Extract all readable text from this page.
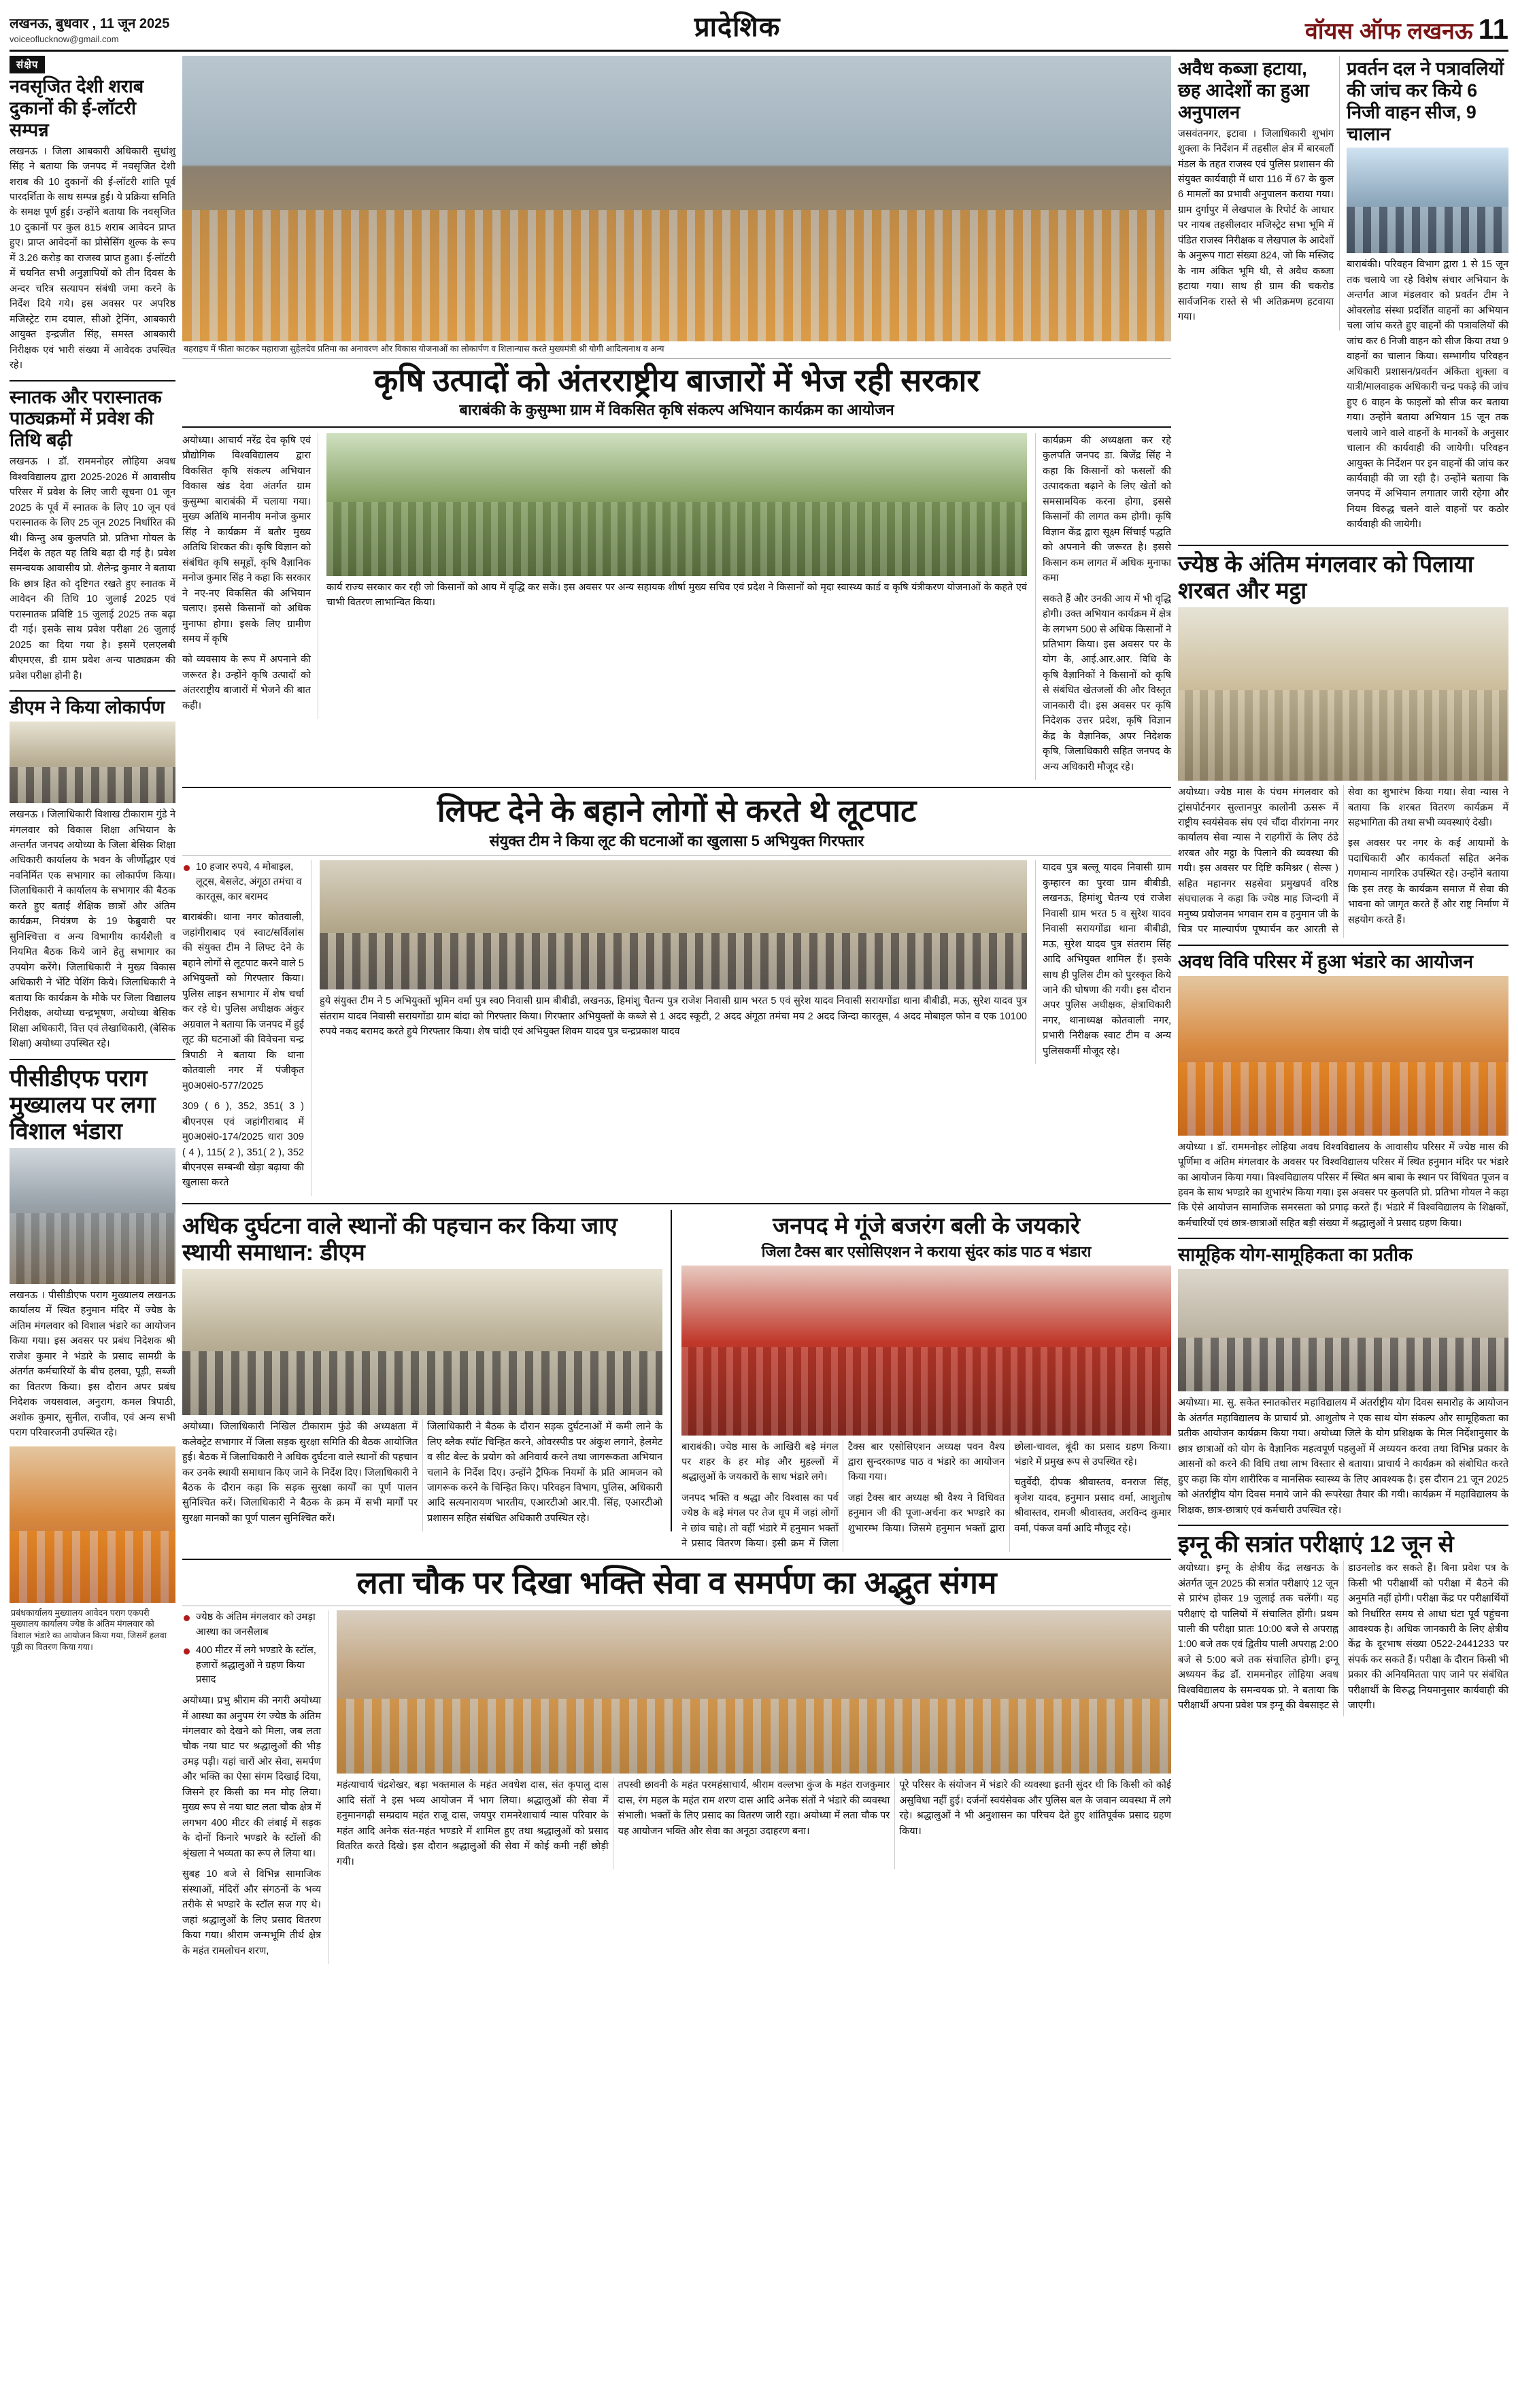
लखनऊ, बुधवार , 11 जून 2025
voiceoflucknow@gmail.com	प्रादेशिक	वॉयस ऑफ लखनऊ 11
संक्षेप
नवसृजित देशी शराब दुकानों की ई-लॉटरी सम्पन्न

लखनऊ । जिला आबकारी अधिकारी सुधांशु सिंह ने बताया कि जनपद में नवसृजित देशी शराब की 10 दुकानों की ई-लॉटरी शांति पूर्व पारदर्शिता के साथ सम्पन्न हुई। ये प्रक्रिया समिति के समक्ष पूर्ण हुई। उन्होंने बताया कि नवसृजित 10 दुकानों पर कुल 815 शराब आवेदन प्राप्त हुए। प्राप्त आवेदनों का प्रोसेसिंग शुल्क के रूप में 3.26 करोड़ का राजस्व प्राप्त हुआ। ई-लॉटरी में चयनित सभी अनुज्ञापियों को तीन दिवस के अन्दर चरित्र सत्यापन संबंधी जमा करने के निर्देश दिये गये। इस अवसर पर अपरिष्ठ मजिस्ट्रेट राम दयाल, सीओ ट्रेनिंग, आबकारी आयुक्त इन्द्रजीत सिंह, समस्त आबकारी निरीक्षक एवं भारी संख्या में आवेदक उपस्थित रहे।

स्नातक और परास्नातक पाठ्यक्रमों में प्रवेश की तिथि बढ़ी

लखनऊ । डॉ. राममनोहर लोहिया अवध विश्वविद्यालय द्वारा 2025-2026 में आवासीय परिसर में प्रवेश के लिए जारी सूचना 01 जून 2025 के पूर्व में स्नातक के लिए 10 जून एवं परास्नातक के लिए 25 जून 2025 निर्धारित की थी। किन्तु अब कुलपति प्रो. प्रतिभा गोयल के निर्देश के तहत यह तिथि बढ़ा दी गई है। प्रवेश समन्वयक आवासीय प्रो. शैलेन्द्र कुमार ने बताया कि छात्र हित को दृष्टिगत रखते हुए स्नातक में आवेदन की तिथि 10 जुलाई 2025 एवं परास्नातक प्रविष्टि 15 जुलाई 2025 तक बढ़ा दी गई। इसके साथ प्रवेश परीक्षा 26 जुलाई 2025 का दिया गया है। इसमें एलएलबी बीएमएस, डी ग्राम प्रवेश अन्य पाठ्यक्रम की प्रवेश परीक्षा होनी है।

डीएम ने किया लोकार्पण

लखनऊ । जिलाधिकारी विशाख टीकाराम गुंडे ने मंगलवार को विकास शिक्षा अभियान के अन्तर्गत जनपद अयोध्या के जिला बेसिक शिक्षा अधिकारी कार्यालय के भवन के जीर्णोद्धार एवं नवनिर्मित एक सभागार का लोकार्पण किया। जिलाधिकारी ने कार्यालय के सभागार की बैठक करते हुए बताई शैक्षिक छात्रों और अंतिम कार्यक्रम, नियंत्रण के 19 फेब्रुवारी पर सुनिश्चित्ता व अन्य विभागीय कार्यशैली व नियमित बैठक किये जाने हेतु सभागार का उपयोग करेंगे। जिलाधिकारी ने मुख्य विकास अधिकारी ने भेंटि पेशिंग किये। जिलाधिकारी ने बताया कि कार्यक्रम के मौके पर जिला विद्यालय निरीक्षक, अयोध्या चन्द्रभूषण, अयोध्या बेसिक शिक्षा अधिकारी, वित्त एवं लेखाधिकारी, (बेसिक शिक्षा) अयोध्या उपस्थित रहे।

पीसीडीएफ पराग मुख्यालय पर लगा विशाल भंडारा

लखनऊ । पीसीडीएफ पराग मुख्यालय लखनऊ कार्यालय में स्थित हनुमान मंदिर में ज्येष्ठ के अंतिम मंगलवार को विशाल भंडारे का आयोजन किया गया। इस अवसर पर प्रबंध निदेशक श्री राजेश कुमार ने भंडारे के प्रसाद सामग्री के अंतर्गत कर्मचारियों के बीच हलवा, पूड़ी, सब्जी का वितरण किया। इस दौरान अपर प्रबंध निदेशक जयसवाल, अनुराग, कमल त्रिपाठी, अशोक कुमार, सुनील, राजीव, एवं अन्य सभी पराग परिवारजनी उपस्थित रहे।

प्रबंधकार्यालय मुख्यालय आवेदन पराग एकपरी मुख्यालय कार्यालय ज्येष्ठ के अंतिम मंगलवार को विशाल भंडारे का आयोजन किया गया, जिसमें हलवा पूड़ी का वितरण किया गया।
बहराइच में फीता काटकर महाराजा सुहेलदेव प्रतिमा का अनावरण और विकास योजनाओं का लोकार्पण व शिलान्यास करते मुख्यमंत्री श्री योगी आदित्यनाथ व अन्य
कृषि उत्पादों को अंतरराष्ट्रीय बाजारों में भेज रही सरकार
बाराबंकी के कुसुम्भा ग्राम में विकसित कृषि संकल्प अभियान कार्यक्रम का आयोजन

अयोध्या। आचार्य नरेंद्र देव कृषि एवं प्रौद्योगिक विश्वविद्यालय द्वारा विकसित कृषि संकल्प अभियान विकास खंड देवा अंतर्गत ग्राम कुसुम्भा बाराबंकी में चलाया गया। मुख्य अतिथि माननीय मनोज कुमार सिंह ने कार्यक्रम में बतौर मुख्य अतिथि शिरकत की। कृषि विज्ञान को संबंधित कृषि समूहों, कृषि वैज्ञानिक मनोज कुमार सिंह ने कहा कि सरकार ने नए-नए विकसित की अभियान चलाए। इससे किसानों को अधिक मुनाफा होगा। इसके लिए ग्रामीण समय में कृषि

को व्यवसाय के रूप में अपनाने की जरूरत है। उन्होंने कृषि उत्पादों को अंतरराष्ट्रीय बाजारों में भेजने की बात कही।

कार्य राज्य सरकार कर रही जो किसानों को आय में वृद्धि कर सकें। इस अवसर पर अन्य सहायक शीर्षा मुख्य सचिव एवं प्रदेश ने किसानों को मृदा स्वास्थ्य कार्ड व कृषि यंत्रीकरण योजनाओं के कहते एवं चाभी वितरण लाभान्वित किया।

कार्यक्रम की अध्यक्षता कर रहे कुलपति जनपद डा. बिजेंद्र सिंह ने कहा कि किसानों को फसलों की उत्पादकता बढ़ाने के लिए खेतों को समसामयिक करना होगा, इससे किसानों की लागत कम होगी। कृषि विज्ञान केंद्र द्वारा सूक्ष्म सिंचाई पद्धति को अपनाने की जरूरत है। इससे किसान कम लागत में अधिक मुनाफा कमा

सकते हैं और उनकी आय में भी वृद्धि होगी। उक्त अभियान कार्यक्रम में क्षेत्र के लगभग 500 से अधिक किसानों ने प्रतिभाग किया। इस अवसर पर के योग के, आई.आर.आर. विधि के कृषि वैज्ञानिकों ने किसानों को कृषि से संबंधित खेतजलों की और विस्तृत जानकारी दी। इस अवसर पर कृषि निदेशक उत्तर प्रदेश, कृषि विज्ञान केंद्र के वैज्ञानिक, अपर निदेशक कृषि, जिलाधिकारी सहित जनपद के अन्य अधिकारी मौजूद रहे।

लिफ्ट देने के बहाने लोगों से करते थे लूटपाट
संयुक्त टीम ने किया लूट की घटनाओं का खुलासा 5 अभियुक्त गिरफ्तार
10 हजार रुपये, 4 मोबाइल, लूट्स, बेसलेट, अंगूठा तमंचा व कारतूस, कार बरामद

बाराबंकी। थाना नगर कोतवाली, जहांगीराबाद एवं स्वाट/सर्विलांस की संयुक्त टीम ने लिफ्ट देने के बहाने लोगों से लूटपाट करने वाले 5 अभियुक्तों को गिरफ्तार किया। पुलिस लाइन सभागार में शेष चर्चा कर रहे थे। पुलिस अधीक्षक अंकुर अग्रवाल ने बताया कि जनपद में हुई लूट की घटनाओं की विवेचना चन्द्र त्रिपाठी ने बताया कि थाना कोतवाली नगर में पंजीकृत मु0अ0सं0-577/2025

309 ( 6 ), 352, 351( 3 ) बीएनएस एवं जहांगीराबाद में मु0अ0सं0-174/2025 धारा 309 ( 4 ), 115( 2 ), 351( 2 ), 352 बीएनएस सम्बन्धी खेड़ा बढ़ाया की खुलासा करते

हुये संयुक्त टीम ने 5 अभियुक्तों भूमिन वर्मा पुत्र स्व0 निवासी ग्राम बीबीडी, लखनऊ, हिमांशु चैतन्य पुत्र राजेश निवासी ग्राम भरत 5 एवं सुरेश यादव निवासी सरायगोंडा थाना बीबीडी, मऊ, सुरेश यादव पुत्र संतराम यादव निवासी सरायगोंडा ग्राम बांदा को गिरफ्तार किया। गिरफ्तार अभियुक्तों के कब्जे से 1 अदद स्कूटी, 2 अदद अंगूठा तमंचा मय 2 अदद जिन्दा कारतूस, 4 अदद मोबाइल फोन व एक 10100 रुपये नकद बरामद करते हुये गिरफ्तार किया। शेष चांदी एवं अभियुक्त शिवम यादव पुत्र चन्द्रप्रकाश यादव

यादव पुत्र बल्लू यादव निवासी ग्राम कुम्हारन का पुरवा ग्राम बीबीडी, लखनऊ, हिमांशु चैतन्य एवं राजेश निवासी ग्राम भरत 5 व सुरेश यादव निवासी सरायगोंडा थाना बीबीडी, मऊ, सुरेश यादव पुत्र संतराम सिंह आदि अभियुक्त शामिल हैं। इसके साथ ही पुलिस टीम को पुरस्कृत किये जाने की घोषणा की गयी। इस दौरान अपर पुलिस अधीक्षक, क्षेत्राधिकारी नगर, थानाध्यक्ष कोतवाली नगर, प्रभारी निरीक्षक स्वाट टीम व अन्य पुलिसकर्मी मौजूद रहे।

अधिक दुर्घटना वाले स्थानों की पहचान कर किया जाए स्थायी समाधान: डीएम

अयोध्या। जिलाधिकारी निखिल टीकाराम फुंडे की अध्यक्षता में कलेक्ट्रेट सभागार में जिला सड़क सुरक्षा समिति की बैठक आयोजित हुई। बैठक में जिलाधिकारी ने अधिक दुर्घटना वाले स्थानों की पहचान कर उनके स्थायी समाधान किए जाने के निर्देश दिए। जिलाधिकारी ने बैठक के दौरान कहा कि सड़क सुरक्षा कार्यों का पूर्ण पालन सुनिश्चित करें। जिलाधिकारी ने बैठक के क्रम में सभी मार्गों पर सुरक्षा मानकों का पूर्ण पालन सुनिश्चित करें।

जिलाधिकारी ने बैठक के दौरान सड़क दुर्घटनाओं में कमी लाने के लिए ब्लैक स्पॉट चिन्हित करने, ओवरस्पीड पर अंकुश लगाने, हेलमेट व सीट बेल्ट के प्रयोग को अनिवार्य करने तथा जागरूकता अभियान चलाने के निर्देश दिए। उन्होंने ट्रैफिक नियमों के प्रति आमजन को जागरूक करने के चिन्हित किए। परिवहन विभाग, पुलिस, अधिकारी आदि सत्यनारायण भारतीय, एआरटीओ आर.पी. सिंह, एआरटीओ प्रशासन सहित संबंधित अधिकारी उपस्थित रहे।

जनपद मे गूंजे बजरंग बली के जयकारे
जिला टैक्स बार एसोसिएशन ने कराया सुंदर कांड पाठ व भंडारा

बाराबंकी। ज्येष्ठ मास के आखिरी बड़े मंगल पर शहर के हर मोड़ और मुहल्लों में श्रद्धालुओं के जयकारों के साथ भंडारे लगे।

जनपद भक्ति व श्रद्धा और विश्वास का पर्व ज्येष्ठ के बड़े मंगल पर तेज धूप में जहां लोगों ने छांव चाहे। तो वहीं भंडारे में हनुमान भक्तों ने प्रसाद वितरण किया। इसी क्रम में जिला टैक्स बार एसोसिएशन अध्यक्ष पवन वैश्य द्वारा सुन्दरकाण्ड पाठ व भंडारे का आयोजन किया गया।

जहां टैक्स बार अध्यक्ष श्री वैश्य ने विधिवत हनुमान जी की पूजा-अर्चना कर भण्डारे का शुभारम्भ किया। जिसमे हनुमान भक्तों द्वारा छोला-चावल, बूंदी का प्रसाद ग्रहण किया। भंडारे में प्रमुख रूप से उपस्थित रहे।

चतुर्वेदी, दीपक श्रीवास्तव, वनराज सिंह, बृजेश यादव, हनुमान प्रसाद वर्मा, आशुतोष श्रीवास्तव, रामजी श्रीवास्तव, अरविन्द कुमार वर्मा, पंकज वर्मा आदि मौजूद रहे।

लता चौक पर दिखा भक्ति सेवा व समर्पण का अद्भुत संगम
ज्येष्ठ के अंतिम मंगलवार को उमड़ा आस्था का जनसैलाब
400 मीटर में लगे भण्डारे के स्टॉल, हजारों श्रद्धालुओं ने ग्रहण किया प्रसाद

अयोध्या। प्रभु श्रीराम की नगरी अयोध्या में आस्था का अनुपम रंग ज्येष्ठ के अंतिम मंगलवार को देखने को मिला, जब लता चौक नया घाट पर श्रद्धालुओं की भीड़ उमड़ पड़ी। यहां चारों ओर सेवा, समर्पण और भक्ति का ऐसा संगम दिखाई दिया, जिसने हर किसी का मन मोह लिया। मुख्य रूप से नया घाट लता चौक क्षेत्र में लगभग 400 मीटर की लंबाई में सड़क के दोनों किनारे भण्डारे के स्टॉलों की श्रृंखला ने भव्यता का रूप ले लिया था।

सुबह 10 बजे से विभिन्न सामाजिक संस्थाओं, मंदिरों और संगठनों के भव्य तरीके से भण्डारे के स्टॉल सज गए थे। जहां श्रद्धालुओं के लिए प्रसाद वितरण किया गया। श्रीराम जन्मभूमि तीर्थ क्षेत्र के महंत रामलोचन शरण,

महंत्याचार्य चंद्रशेखर, बड़ा भक्तमाल के महंत अवधेश दास, संत कृपालु दास आदि संतों ने इस भव्य आयोजन में भाग लिया। श्रद्धालुओं की सेवा में हनुमानगढ़ी सम्प्रदाय महंत राजू दास, जयपुर रामनरेशाचार्य न्यास परिवार के महंत आदि अनेक संत-महंत भण्डारे में शामिल हुए तथा श्रद्धालुओं को प्रसाद वितरित करते दिखे। इस दौरान श्रद्धालुओं की सेवा में कोई कमी नहीं छोड़ी गयी।

तपस्वी छावनी के महंत परमहंसाचार्य, श्रीराम वल्लभा कुंज के महंत राजकुमार दास, रंग महल के महंत राम शरण दास आदि अनेक संतों ने भंडारे की व्यवस्था संभाली। भक्तों के लिए प्रसाद का वितरण जारी रहा। अयोध्या में लता चौक पर यह आयोजन भक्ति और सेवा का अनूठा उदाहरण बना।

पूरे परिसर के संयोजन में भंडारे की व्यवस्था इतनी सुंदर थी कि किसी को कोई असुविधा नहीं हुई। दर्जनों स्वयंसेवक और पुलिस बल के जवान व्यवस्था में लगे रहे। श्रद्धालुओं ने भी अनुशासन का परिचय देते हुए शांतिपूर्वक प्रसाद ग्रहण किया।

अवैध कब्जा हटाया, छह आदेशों का हुआ अनुपालन

जसवंतनगर, इटावा । जिलाधिकारी शुभांग शुक्ला के निर्देशन में तहसील क्षेत्र में बारबलौं मंडल के तहत राजस्व एवं पुलिस प्रशासन की संयुक्त कार्यवाही में धारा 116 में 67 के कुल 6 मामलों का प्रभावी अनुपालन कराया गया। ग्राम दुर्गापुर में लेखपाल के रिपोर्ट के आधार पर नायब तहसीलदार मजिस्ट्रेट सभा भूमि में पंडित राजस्व निरीक्षक व लेखपाल के आदेशों के अनुरूप गाटा संख्या 824, जो कि मस्जिद के नाम अंकित भूमि थी, से अवैध कब्जा हटाया गया। साथ ही ग्राम की चकरोड सार्वजनिक रास्ते से भी अतिक्रमण हटवाया गया।

प्रवर्तन दल ने पत्रावलियों की जांच कर किये 6 निजी वाहन सीज, 9 चालान

बाराबंकी। परिवहन विभाग द्वारा 1 से 15 जून तक चलाये जा रहे विशेष संचार अभियान के अन्तर्गत आज मंडलवार को प्रवर्तन टीम ने ओवरलोड संस्था प्रदर्शित वाहनों का अभियान चला जांच करते हुए वाहनों की पत्रावलियों की जांच कर 6 निजी वाहन को सीज किया तथा 9 वाहनों का चालान किया। सम्भागीय परिवहन अधिकारी प्रशासन/प्रवर्तन अंकिता शुक्ला व यात्री/मालवाहक अधिकारी चन्द्र पकड़े की जांच हुए 6 वाहन के फाइलों को सीज कर बताया गया। उन्होंने बताया अभियान 15 जून तक चलाये जाने वाले वाहनों के मानकों के अनुसार चालान की कार्यवाही की जायेगी। परिवहन आयुक्त के निर्देशन पर इन वाहनों की जांच कर कार्यवाही की जा रही है। उन्होंने बताया कि जनपद में अभियान लगातार जारी रहेगा और नियम विरुद्ध चलने वाले वाहनों पर कठोर कार्यवाही की जायेगी।

ज्येष्ठ के अंतिम मंगलवार को पिलाया शरबत और मट्ठा

अयोध्या। ज्येष्ठ मास के पंचम मंगलवार को ट्रांसपोर्टनगर सुल्तानपुर कालोनी ऊसरू में राष्ट्रीय स्वयंसेवक संघ एवं चौंदा वीरांगना नगर कार्यालय सेवा न्यास ने राहगीरों के लिए ठंडे शरबत और मट्ठा के पिलाने की व्यवस्था की गयी। इस अवसर पर दिष्टि कमिश्नर ( सेल्स ) सहित महानगर सहसेवा प्रमुखपर्व वरिष्ठ संघचालक ने कहा कि ज्येष्ठ माह जिन्दगी में मनुष्य प्रयोजनम भगवान राम व हनुमान जी के चित्र पर माल्यार्पण पूष्पार्चन कर आरती से सेवा का शुभारंभ किया गया। सेवा न्यास ने बताया कि शरबत वितरण कार्यक्रम में सहभागिता की तथा सभी व्यवस्थाएं देखी।

इस अवसर पर नगर के कई आयामों के पदाधिकारी और कार्यकर्ता सहित अनेक गणमान्य नागरिक उपस्थित रहे। उन्होंने बताया कि इस तरह के कार्यक्रम समाज में सेवा की भावना को जागृत करते हैं और राष्ट्र निर्माण में सहयोग करते हैं।

अवध विवि परिसर में हुआ भंडारे का आयोजन

अयोध्या । डॉ. राममनोहर लोहिया अवध विश्वविद्यालय के आवासीय परिसर में ज्येष्ठ मास की पूर्णिमा व अंतिम मंगलवार के अवसर पर विश्वविद्यालय परिसर में स्थित हनुमान मंदिर पर भंडारे का आयोजन किया गया। विश्वविद्यालय परिसर में स्थित श्रम बाबा के स्थान पर विधिवत पूजन व हवन के साथ भण्डारे का शुभारंभ किया गया। इस अवसर पर कुलपति प्रो. प्रतिभा गोयल ने कहा कि ऐसे आयोजन सामाजिक समरसता को प्रगाढ़ करते हैं। भंडारे में विश्वविद्यालय के शिक्षकों, कर्मचारियों एवं छात्र-छात्राओं सहित बड़ी संख्या में श्रद्धालुओं ने प्रसाद ग्रहण किया।

सामूहिक योग-सामूहिकता का प्रतीक

अयोध्या। मा. सु. सकेत स्नातकोत्तर महाविद्यालय में अंतर्राष्ट्रीय योग दिवस समारोह के आयोजन के अंतर्गत महाविद्यालय के प्राचार्य प्रो. आशुतोष ने एक साथ योग संकल्प और सामूहिकता का प्रतीक आयोजन कार्यक्रम किया गया। अयोध्या जिले के योग प्रशिक्षक के मिल निर्देशानुसार के छात्र छात्राओं को योग के वैज्ञानिक महत्वपूर्ण पहलुओं में अध्ययन करवा तथा विभिन्न प्रकार के आसनों को करने की विधि तथा लाभ विस्तार से बताया। प्राचार्य ने कार्यक्रम को संबोधित करते हुए कहा कि योग शारीरिक व मानसिक स्वास्थ्य के लिए आवश्यक है। इस दौरान 21 जून 2025 को अंतर्राष्ट्रीय योग दिवस मनाये जाने की रूपरेखा तैयार की गयी। कार्यक्रम में महाविद्यालय के शिक्षक, छात्र-छात्राएं एवं कर्मचारी उपस्थित रहे।

इग्नू की सत्रांत परीक्षाएं 12 जून से

अयोध्या। इग्नू के क्षेत्रीय केंद्र लखनऊ के अंतर्गत जून 2025 की सत्रांत परीक्षाएं 12 जून से प्रारंभ होकर 19 जुलाई तक चलेंगी। यह परीक्षाएं दो पालियों में संचालित होंगी। प्रथम पाली की परीक्षा प्रातः 10:00 बजे से अपराह्न 1:00 बजे तक एवं द्वितीय पाली अपराह्न 2:00 बजे से 5:00 बजे तक संचालित होगी। इग्नू अध्ययन केंद्र डॉ. राममनोहर लोहिया अवध विश्वविद्यालय के समन्वयक प्रो. ने बताया कि परीक्षार्थी अपना प्रवेश पत्र इग्नू की वेबसाइट से डाउनलोड कर सकते हैं। बिना प्रवेश पत्र के किसी भी परीक्षार्थी को परीक्षा में बैठने की अनुमति नहीं होगी। परीक्षा केंद्र पर परीक्षार्थियों को निर्धारित समय से आधा घंटा पूर्व पहुंचना आवश्यक है। अधिक जानकारी के लिए क्षेत्रीय केंद्र के दूरभाष संख्या 0522-2441233 पर संपर्क कर सकते हैं। परीक्षा के दौरान किसी भी प्रकार की अनियमितता पाए जाने पर संबंधित परीक्षार्थी के विरुद्ध नियमानुसार कार्यवाही की जाएगी।
